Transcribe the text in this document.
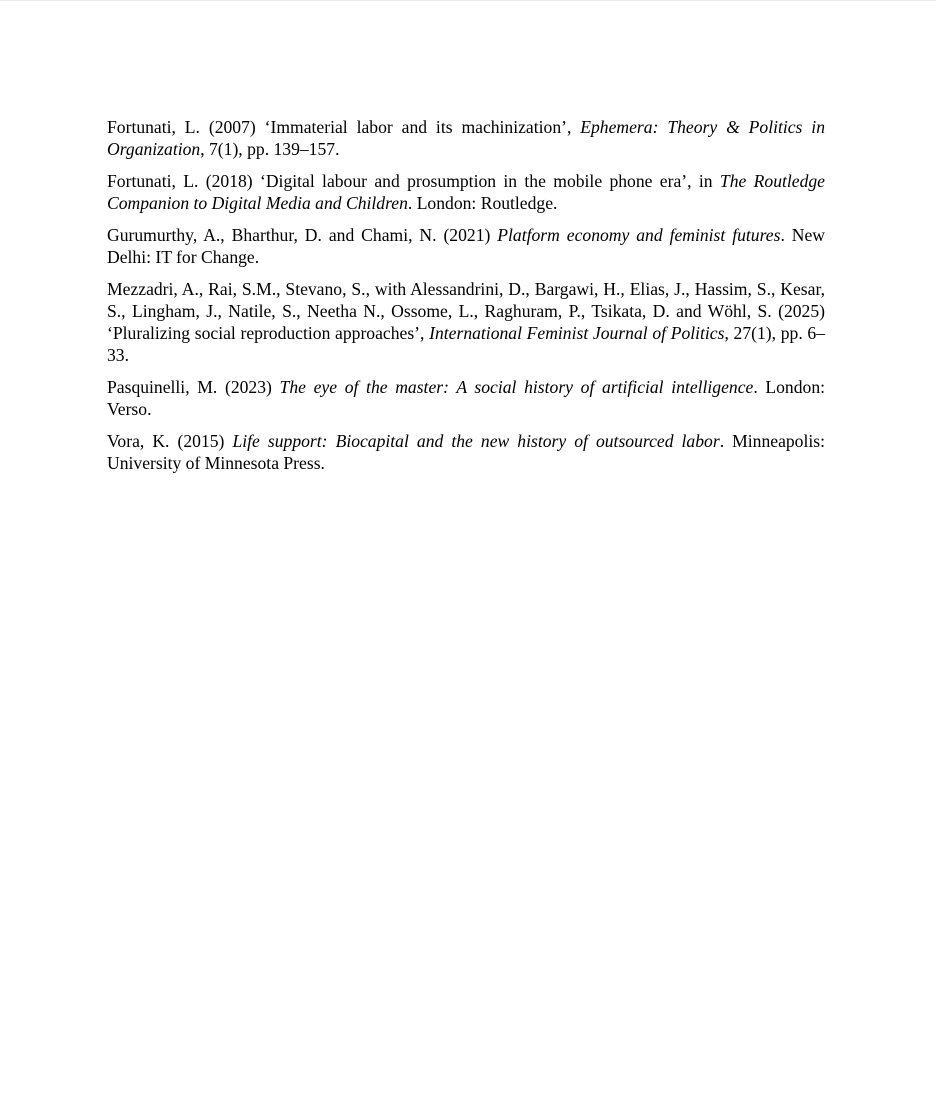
Fortunati, L. (2007) ‘Immaterial labor and its machinization’, Ephemera: Theory & Politics in Organization, 7(1), pp. 139–157.

Fortunati, L. (2018) ‘Digital labour and prosumption in the mobile phone era’, in The Routledge Companion to Digital Media and Children. London: Routledge.

Gurumurthy, A., Bharthur, D. and Chami, N. (2021) Platform economy and feminist futures. New Delhi: IT for Change.

Mezzadri, A., Rai, S.M., Stevano, S., with Alessandrini, D., Bargawi, H., Elias, J., Hassim, S., Kesar, S., Lingham, J., Natile, S., Neetha N., Ossome, L., Raghuram, P., Tsikata, D. and Wöhl, S. (2025) ‘Pluralizing social reproduction approaches’, International Feminist Journal of Politics, 27(1), pp. 6–33.

Pasquinelli, M. (2023) The eye of the master: A social history of artificial intelligence. London: Verso.

Vora, K. (2015) Life support: Biocapital and the new history of outsourced labor. Minneapolis: University of Minnesota Press.
